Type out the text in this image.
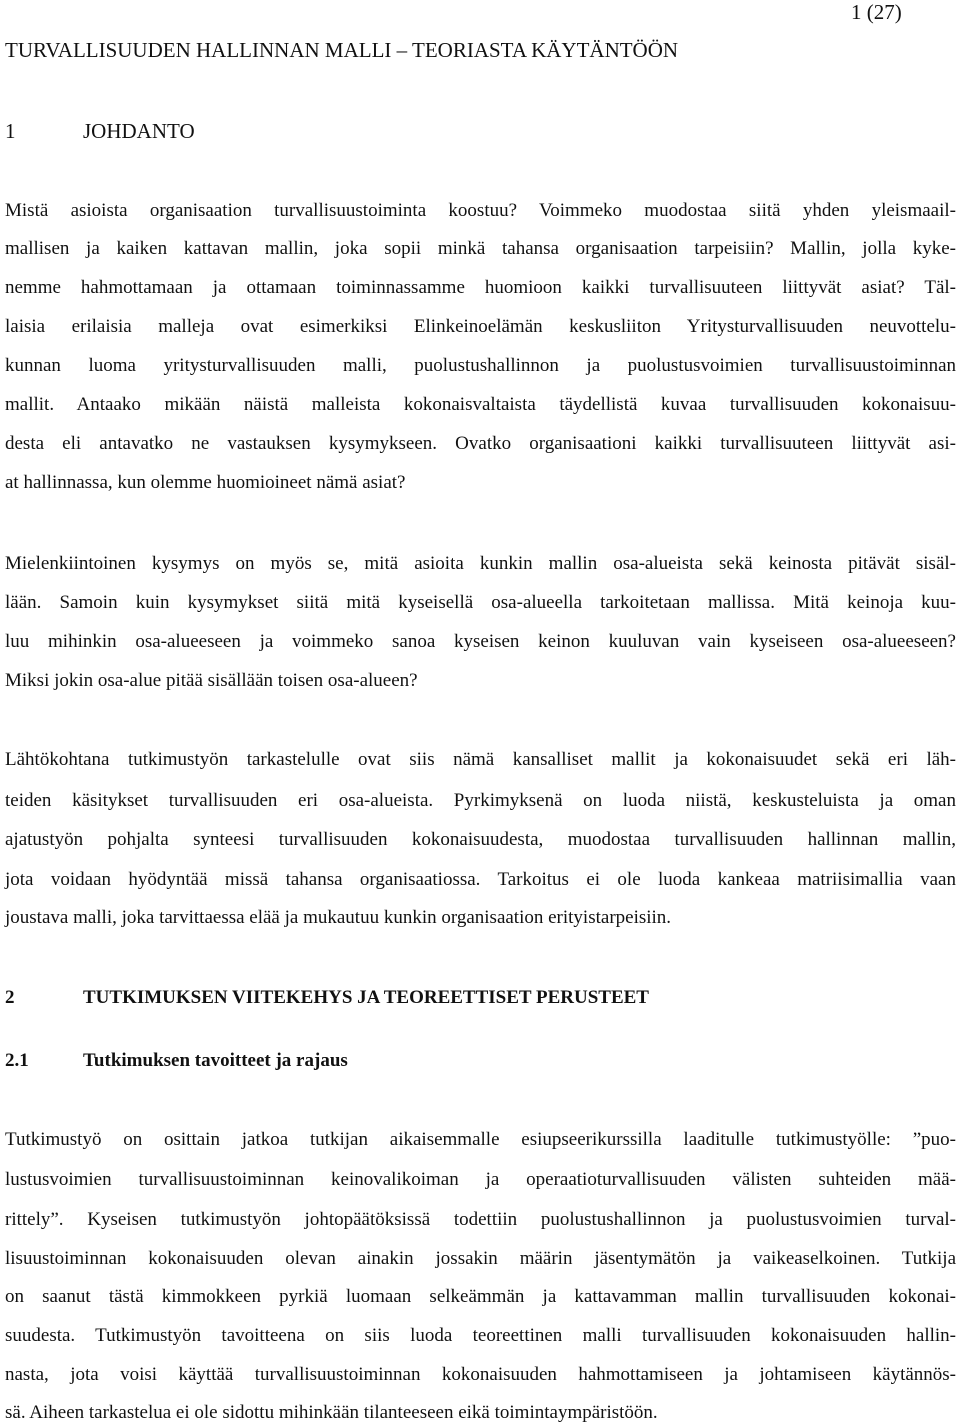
1 (27)
TURVALLISUUDEN HALLINNAN MALLI – TEORIASTA KÄYTÄNTÖÖN
1	JOHDANTO
Mistä asioista organisaation turvallisuustoiminta koostuu? Voimmeko muodostaa siitä yhden yleismaail-
mallisen ja kaiken kattavan mallin, joka sopii minkä tahansa organisaation tarpeisiin? Mallin, jolla kyke-
nemme hahmottamaan ja ottamaan toiminnassamme huomioon kaikki turvallisuuteen liittyvät asiat? Täl-
laisia erilaisia malleja ovat esimerkiksi Elinkeinoelämän keskusliiton Yritysturvallisuuden neuvottelu-
kunnan luoma yritysturvallisuuden malli, puolustushallinnon ja puolustusvoimien turvallisuustoiminnan
mallit. Antaako mikään näistä malleista kokonaisvaltaista täydellistä kuvaa turvallisuuden kokonaisuu-
desta eli antavatko ne vastauksen kysymykseen. Ovatko organisaationi kaikki turvallisuuteen liittyvät asi-
at hallinnassa, kun olemme huomioineet nämä asiat?
Mielenkiintoinen kysymys on myös se, mitä asioita kunkin mallin osa-alueista sekä keinosta pitävät sisäl-
lään. Samoin kuin kysymykset siitä mitä kyseisellä osa-alueella tarkoitetaan mallissa. Mitä keinoja kuu-
luu mihinkin osa-alueeseen ja voimmeko sanoa kyseisen keinon kuuluvan vain kyseiseen osa-alueeseen?
Miksi jokin osa-alue pitää sisällään toisen osa-alueen?
Lähtökohtana tutkimustyön tarkastelulle ovat siis nämä kansalliset mallit ja kokonaisuudet sekä eri läh-
teiden käsitykset turvallisuuden eri osa-alueista. Pyrkimyksenä on luoda niistä, keskusteluista ja oman
ajatustyön pohjalta synteesi turvallisuuden kokonaisuudesta, muodostaa turvallisuuden hallinnan mallin,
jota voidaan hyödyntää missä tahansa organisaatiossa. Tarkoitus ei ole luoda kankeaa matriisimallia vaan
joustava malli, joka tarvittaessa elää ja mukautuu kunkin organisaation erityistarpeisiin.
2	TUTKIMUKSEN VIITEKEHYS JA TEOREETTISET PERUSTEET
2.1	Tutkimuksen tavoitteet ja rajaus
Tutkimustyö on osittain jatkoa tutkijan aikaisemmalle esiupseerikurssilla laaditulle tutkimustyölle: ”puo-
lustusvoimien turvallisuustoiminnan keinovalikoiman ja operaatioturvallisuuden välisten suhteiden mää-
rittely”. Kyseisen tutkimustyön johtopäätöksissä todettiin puolustushallinnon ja puolustusvoimien turval-
lisuustoiminnan kokonaisuuden olevan ainakin jossakin määrin jäsentymätön ja vaikeaselkoinen. Tutkija
on saanut tästä kimmokkeen pyrkiä luomaan selkeämmän ja kattavamman mallin turvallisuuden kokonai-
suudesta. Tutkimustyön tavoitteena on siis luoda teoreettinen malli turvallisuuden kokonaisuuden hallin-
nasta, jota voisi käyttää turvallisuustoiminnan kokonaisuuden hahmottamiseen ja johtamiseen käytännös-
sä. Aiheen tarkastelua ei ole sidottu mihinkään tilanteeseen eikä toimintaympäristöön.
